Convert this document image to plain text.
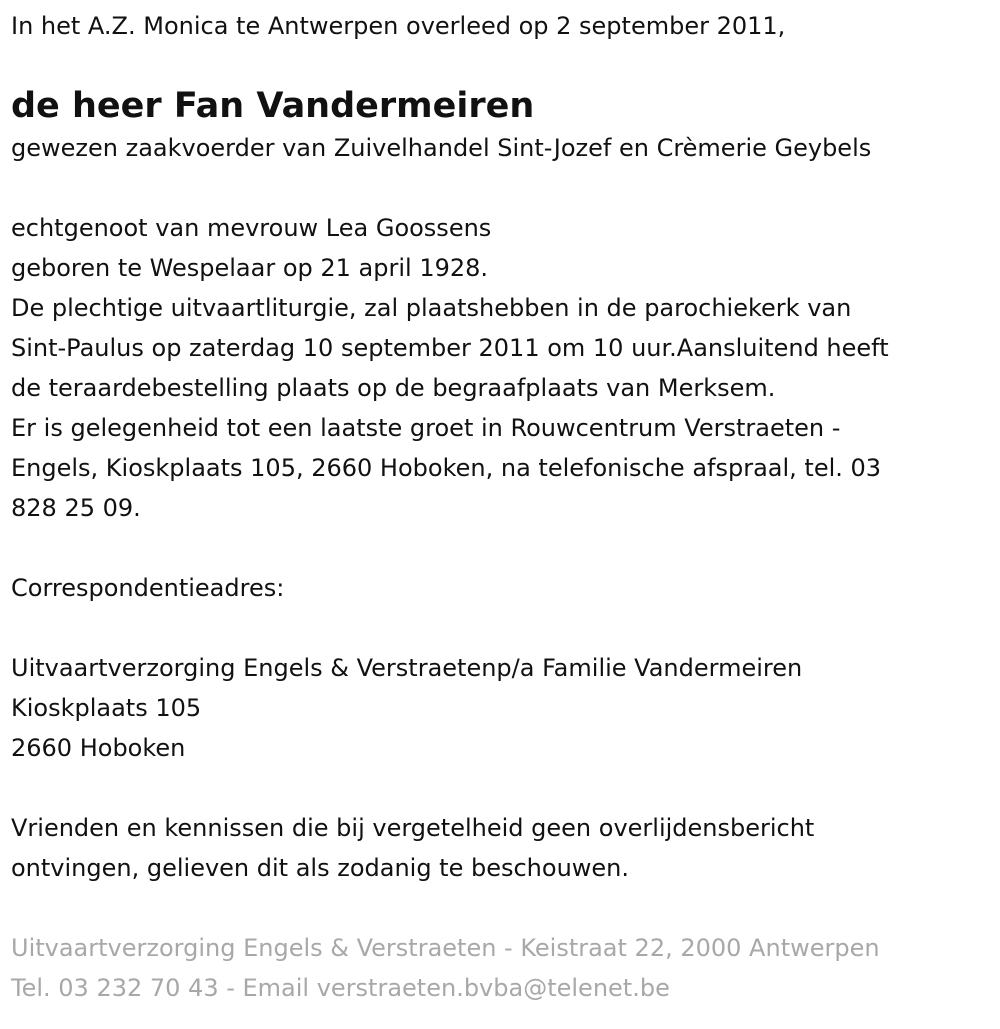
In het A.Z. Monica te Antwerpen overleed op 2 september 2011,
de heer Fan Vandermeiren
gewezen zaakvoerder van Zuivelhandel Sint-Jozef en Crèmerie Geybels
echtgenoot van mevrouw Lea Goossens
geboren te Wespelaar op 21 april 1928.
De plechtige uitvaartliturgie, zal plaatshebben in de parochiekerk van
Sint-Paulus op zaterdag 10 september 2011 om 10 uur.Aansluitend heeft
de teraardebestelling plaats op de begraafplaats van Merksem.
Er is gelegenheid tot een laatste groet in Rouwcentrum Verstraeten -
Engels, Kioskplaats 105, 2660 Hoboken, na telefonische afspraal, tel. 03
828 25 09.
Correspondentieadres:
Uitvaartverzorging Engels & Verstraetenp/a Familie Vandermeiren
Kioskplaats 105
2660 Hoboken
Vrienden en kennissen die bij vergetelheid geen overlijdensbericht
ontvingen, gelieven dit als zodanig te beschouwen.
Uitvaartverzorging Engels & Verstraeten - Keistraat 22, 2000 Antwerpen
Tel. 03 232 70 43 - Email verstraeten.bvba@telenet.be
